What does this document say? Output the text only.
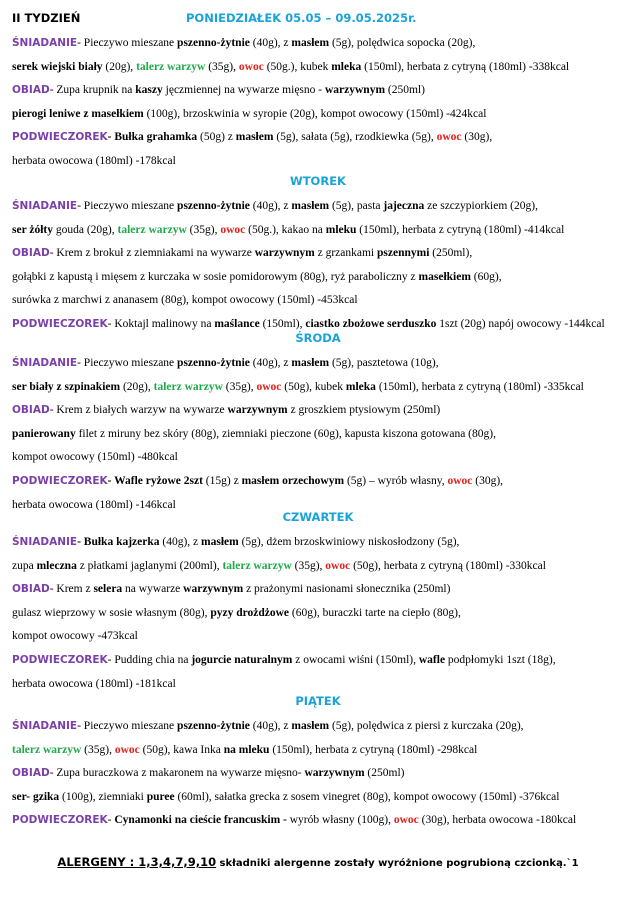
II TYDZIEŃ	PONIEDZIAŁEK 05.05 – 09.05.2025r.
ŚNIADANIE- Pieczywo mieszane pszenno-żytnie (40g), z masłem (5g), polędwica sopocka (20g),
serek wiejski biały (20g), talerz warzyw (35g), owoc (50g.), kubek mleka (150ml), herbata z cytryną (180ml) -338kcal
OBIAD- Zupa krupnik na kaszy jęczmiennej na wywarze mięsno - warzywnym (250ml)
pierogi leniwe z masełkiem (100g), brzoskwinia w syropie (20g), kompot owocowy (150ml) -424kcal
PODWIECZOREK- Bułka grahamka (50g) z masłem (5g), sałata (5g), rzodkiewka (5g), owoc (30g),
herbata owocowa (180ml) -178kcal
WTOREK
ŚNIADANIE- Pieczywo mieszane pszenno-żytnie (40g), z masłem (5g), pasta jajeczna ze szczypiorkiem (20g),
ser żółty gouda (20g), talerz warzyw (35g), owoc (50g.), kakao na mleku (150ml), herbata z cytryną (180ml) -414kcal
OBIAD- Krem z brokuł z ziemniakami na wywarze warzywnym z grzankami pszennymi (250ml),
gołąbki z kapustą i mięsem z kurczaka w sosie pomidorowym (80g), ryż paraboliczny z masełkiem (60g),
surówka z marchwi z ananasem (80g), kompot owocowy (150ml) -453kcal
PODWIECZOREK- Koktajl malinowy na maślance (150ml), ciastko zbożowe serduszko 1szt (20g) napój owocowy -144kcal
ŚRODA
ŚNIADANIE- Pieczywo mieszane pszenno-żytnie (40g), z masłem (5g), pasztetowa (10g),
ser biały z szpinakiem (20g), talerz warzyw (35g), owoc (50g), kubek mleka (150ml), herbata z cytryną (180ml) -335kcal
OBIAD- Krem z białych warzyw na wywarze warzywnym z groszkiem ptysiowym (250ml)
panierowany filet z miruny bez skóry (80g), ziemniaki pieczone (60g), kapusta kiszona gotowana (80g),
kompot owocowy (150ml) -480kcal
PODWIECZOREK- Wafle ryżowe 2szt (15g) z masłem orzechowym (5g) – wyrób własny, owoc (30g),
herbata owocowa (180ml) -146kcal
CZWARTEK
ŚNIADANIE- Bułka kajzerka (40g), z masłem (5g), dżem brzoskwiniowy niskosłodzony (5g),
zupa mleczna z płatkami jaglanymi (200ml), talerz warzyw (35g), owoc (50g), herbata z cytryną (180ml) -330kcal
OBIAD- Krem z selera na wywarze warzywnym z prażonymi nasionami słonecznika (250ml)
gulasz wieprzowy w sosie własnym (80g), pyzy drożdżowe (60g), buraczki tarte na ciepło (80g),
kompot owocowy -473kcal
PODWIECZOREK- Pudding chia na jogurcie naturalnym z owocami wiśni (150ml), wafle podpłomyki 1szt (18g),
herbata owocowa (180ml) -181kcal
PIĄTEK
ŚNIADANIE- Pieczywo mieszane pszenno-żytnie (40g), z masłem (5g), polędwica z piersi z kurczaka (20g),
talerz warzyw (35g), owoc (50g), kawa Inka na mleku (150ml), herbata z cytryną (180ml) -298kcal
OBIAD- Zupa buraczkowa z makaronem na wywarze mięsno- warzywnym (250ml)
ser- gzika (100g), ziemniaki puree (60ml), sałatka grecka z sosem vinegret (80g), kompot owocowy (150ml) -376kcal
PODWIECZOREK- Cynamonki na cieście francuskim - wyrób własny (100g), owoc (30g), herbata owocowa -180kcal
ALERGENY : 1,3,4,7,9,10 składniki alergenne zostały wyróżnione pogrubioną czcionką.`1
